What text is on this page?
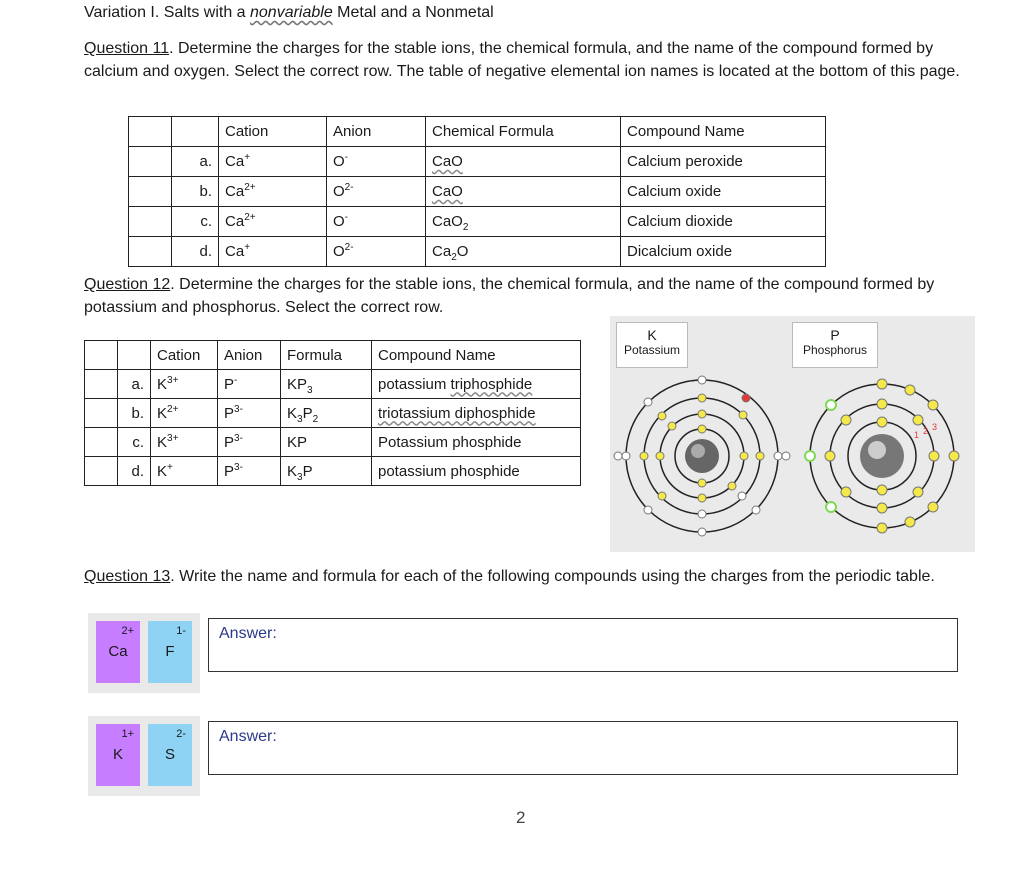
Variation I. Salts with a nonvariable Metal and a Nonmetal
Question 11. Determine the charges for the stable ions, the chemical formula, and the name of the compound formed by calcium and oxygen. Select the correct row. The table of negative elemental ion names is located at the bottom of this page.
		Cation	Anion	Chemical Formula	Compound Name
	a.	Ca+	O-	CaO	Calcium peroxide
	b.	$Ca^{2+}$	$O^{2-}$	CaO	Calcium oxide
	c.	$Ca^{2+}$	O-	CaO$_2$	Calcium dioxide
	d.	Ca+	$O^{2-}$	$Ca_2O$	Dicalcium oxide
Question 12. Determine the charges for the stable ions, the chemical formula, and the name of the compound formed by potassium and phosphorus. Select the correct row.
		Cation	Anion	Formula	Compound Name
	a.	$K^{3+}$	P-	$KP_3$	potassium triphosphide
	b.	$K^{2+}$	$P^{3-}$	$K_3P_2$	triotassium diphosphide
	c.	$K^{3+}$	$P^{3-}$	KP	Potassium phosphide
	d.	K+	$P^{3-}$	$K_3P$	potassium phosphide
K
Potassium
P
Phosphorus
1 2 3
Question 13. Write the name and formula for each of the following compounds using the charges from the periodic table.
2+
Ca
1-
F
Answer:
1+
K
2-
S
Answer:
2
